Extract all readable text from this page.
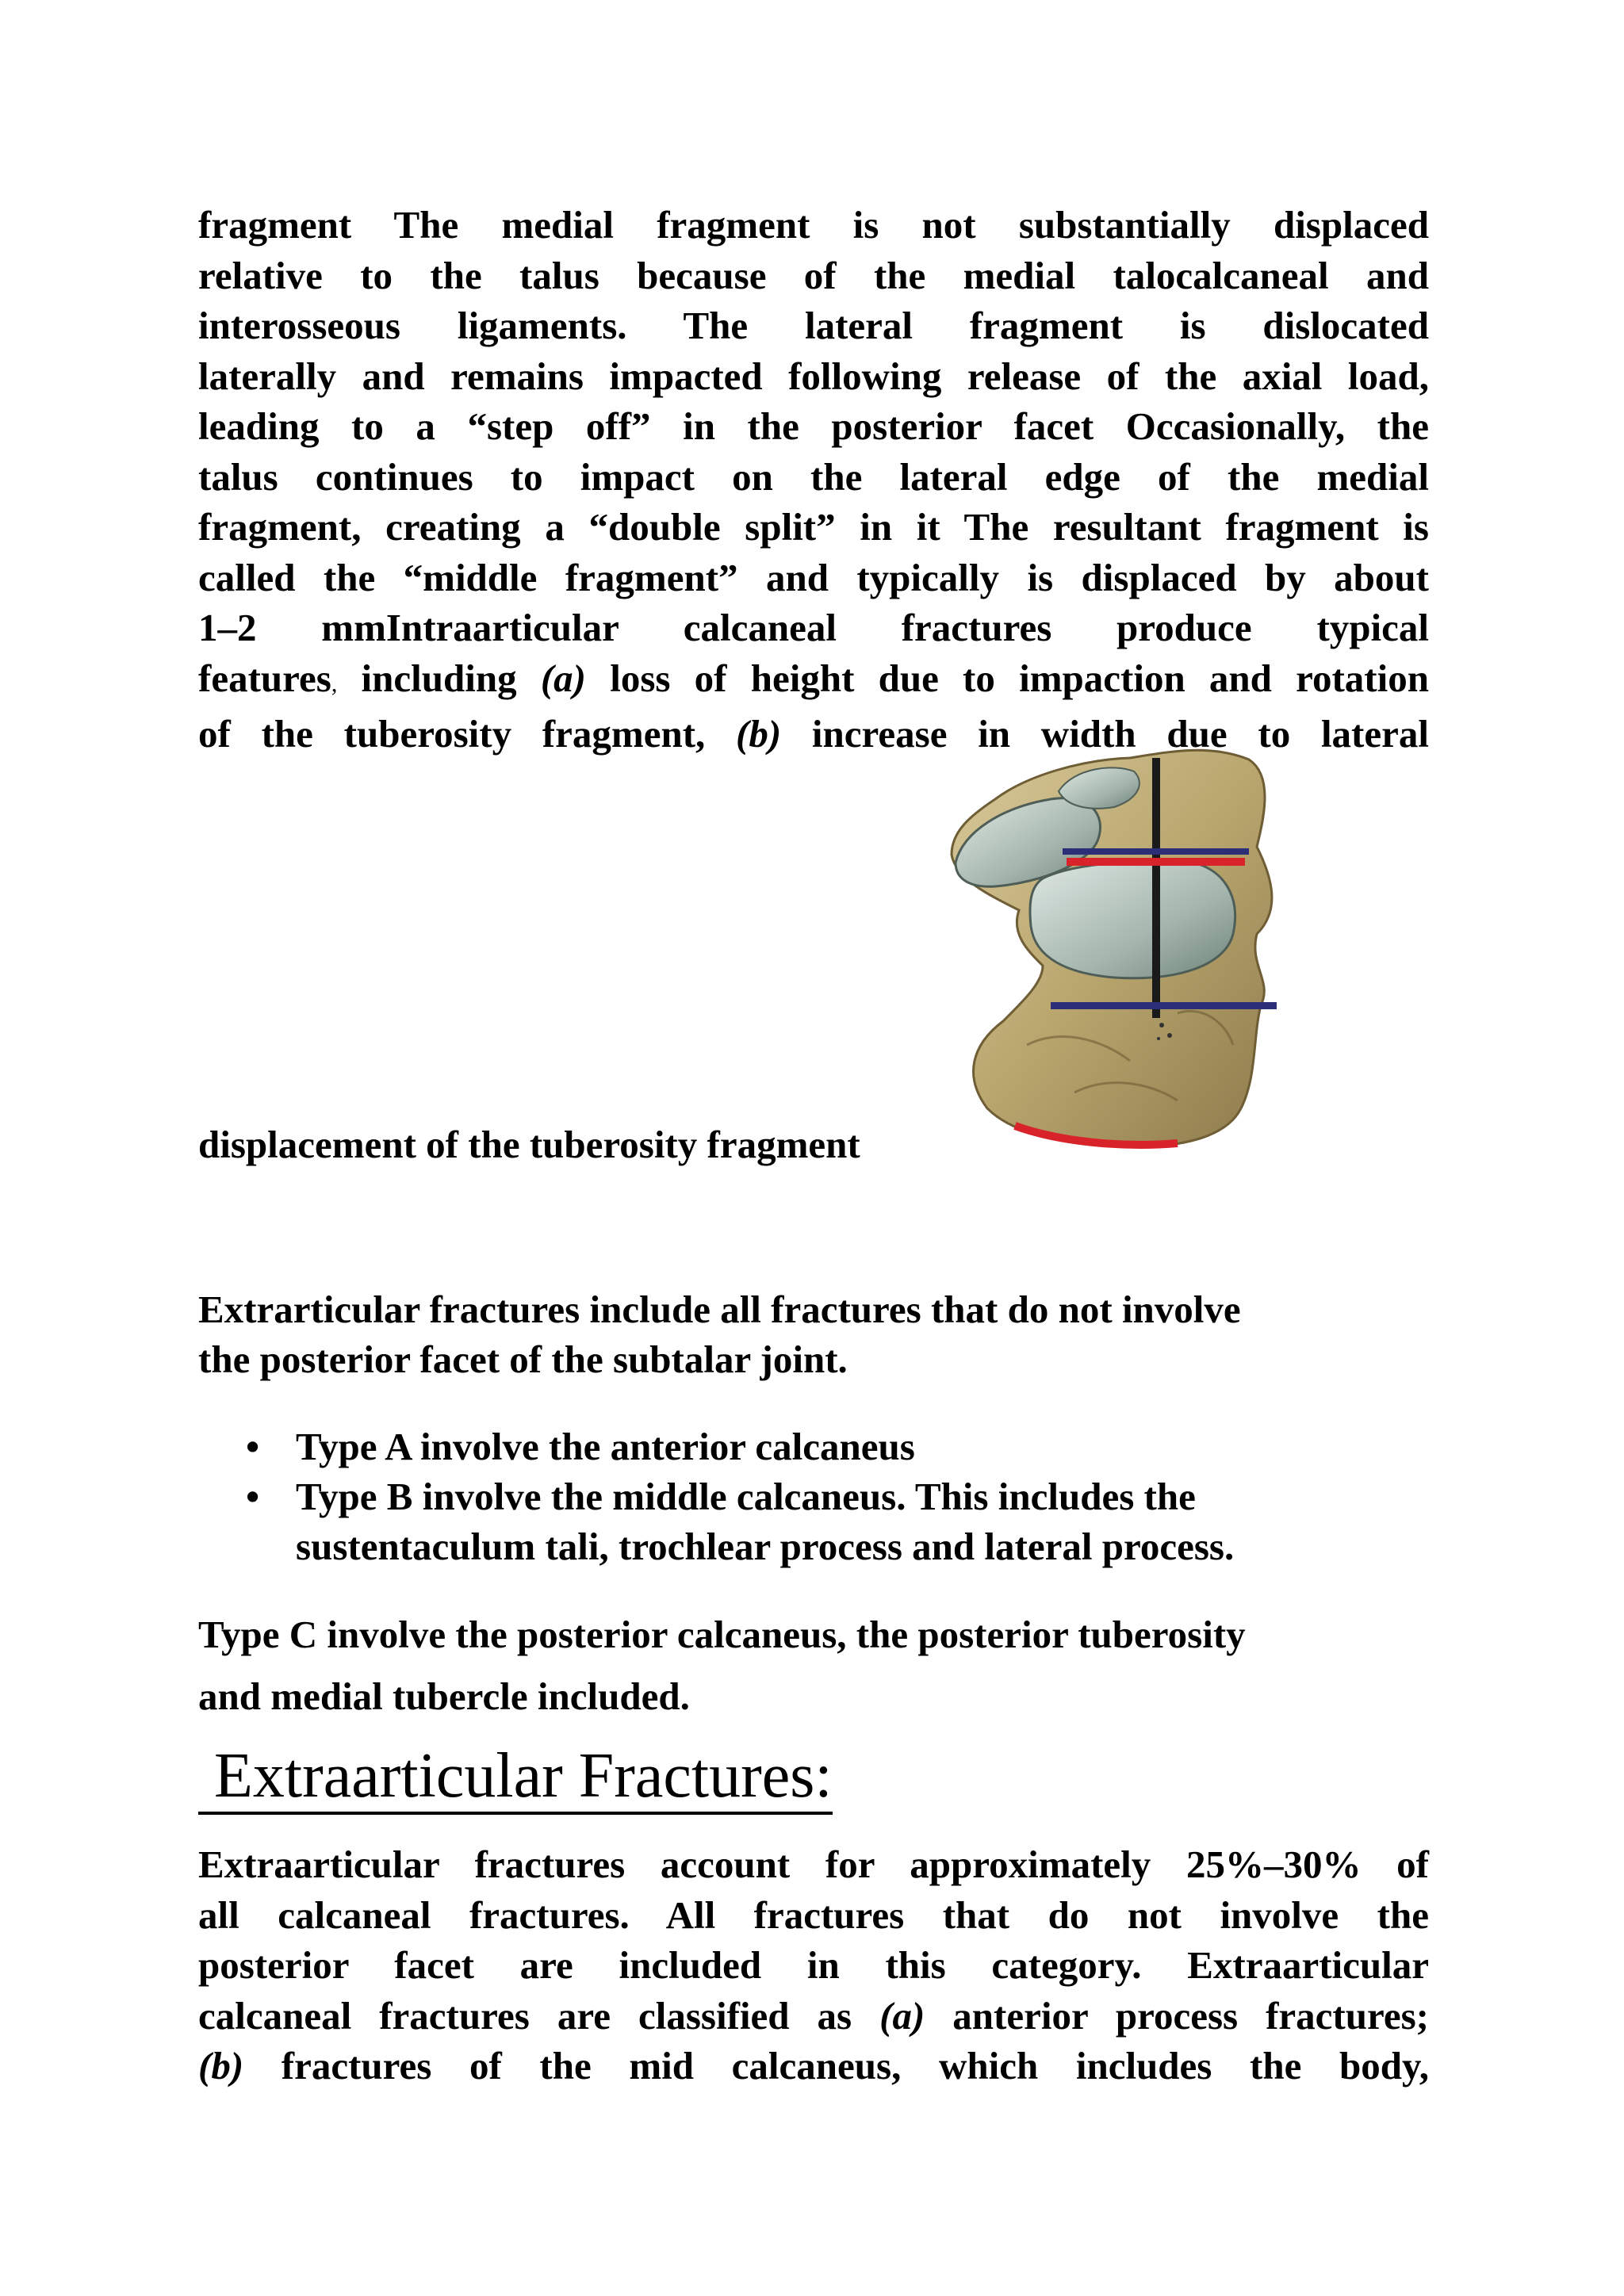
fragment The medial fragment is not substantially displaced
relative to the talus because of the medial talocalcaneal and
interosseous ligaments. The lateral fragment is dislocated
laterally and remains impacted following release of the axial load,
leading to a “step off” in the posterior facet Occasionally, the
talus continues to impact on the lateral edge of the medial
fragment, creating a “double split” in it The resultant fragment is
called the “middle fragment” and typically is displaced by about
1–2 mmIntraarticular calcaneal fractures produce typical
features, including (a) loss of height due to impaction and rotation
of the tuberosity fragment, (b) increase in width due to lateral
displacement of the tuberosity fragment

Extrarticular fractures include all fractures that do not involve

the posterior facet of the subtalar joint.

• Type A involve the anterior calcaneus
• Type B involve the middle calcaneus. This includes the
sustentaculum tali, trochlear process and lateral process.

Type C involve the posterior calcaneus, the posterior tuberosity

and medial tubercle included.

Extraarticular Fractures:
Extraarticular fractures account for approximately 25%–30% of
all calcaneal fractures. All fractures that do not involve the
posterior facet are included in this category. Extraarticular
calcaneal fractures are classified as (a) anterior process fractures;
(b) fractures of the mid calcaneus, which includes the body,
